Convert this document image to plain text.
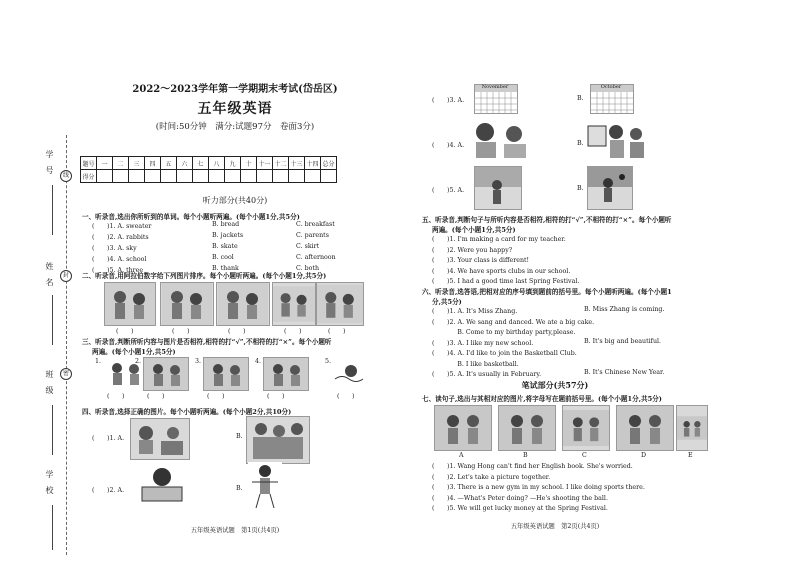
学　号
姓　名
班　级
学　校
线
封
密
2022～2023学年第一学期期末考试(岱岳区)
五年级英语
(时间:50分钟　满分:试题97分　卷面3分)
题号	一	二	三	四	五	六	七	八	九	十	十一	十二	十三	十四	总分
得分															
听力部分(共40分)
一、听录音,选出你所听到的单词。每个小题听两遍。(每个小题1分,共5分)
(　　)1. A. sweater	B. bread	C. breakfast
(　　)2. A. rabbits	B. jackets	C. parents
(　　)3. A. sky	B. skate	C. skirt
(　　)4. A. school	B. cool	C. afternoon
(　　)5. A. three	B. thank	C. both
二、听录音,用阿拉伯数字给下列图片排序。每个小题听两遍。(每个小题1分,共5分)
(　　)	(　　)	(　　)	(　　)	(　　)
三、听录音,判断所听内容与图片是否相符,相符的打“√”,不相符的打“×”。每个小题听
两遍。(每个小题1分,共5分)
1.
(　　)
2.
(　　)
3.
(　　)
4.
(　　)
5.
(　　)
四、听录音,选择正确的图片。每个小题听两遍。(每个小题2分,共10分)
(　　)1. A.	B.
(　　)2. A.	B.
五年级英语试题　第1页(共4页)
(　　)3. A.
November
B.
October
(　　)4. A.	B.
(　　)5. A.	B.
五、听录音,判断句子与所听内容是否相符,相符的打“√”,不相符的打“×”。每个小题听
两遍。(每个小题1分,共5分)
(　　)1. I'm making a card for my teacher.
(　　)2. Were you happy?
(　　)3. Your class is different!
(　　)4. We have sports clubs in our school.
(　　)5. I had a good time last Spring Festival.
六、听录音,选答语,把相对应的序号填到题前的括号里。每个小题听两遍。(每个小题1
分,共5分)
(　　)1. A. It's Miss Zhang.	B. Miss Zhang is coming.
(　　)2. A. We sang and danced. We ate a big cake.
　　　　B. Come to my birthday party,please.
(　　)3. A. I like my new school.	B. It's big and beautiful.
(　　)4. A. I'd like to join the Basketball Club.
　　　　B. I like basketball.
(　　)5. A. It's usually in February.	B. It's Chinese New Year.
笔试部分(共57分)
七、读句子,选出与其相对应的图片,将字母写在题前括号里。(每个小题1分,共5分)
A	B	C	D	E
(　　)1. Wang Hong can't find her English book. She's worried.
(　　)2. Let's take a picture together.
(　　)3. There is a new gym in my school. I like doing sports there.
(　　)4. —What's Peter doing? —He's shooting the ball.
(　　)5. We will get lucky money at the Spring Festival.
五年级英语试题　第2页(共4页)
